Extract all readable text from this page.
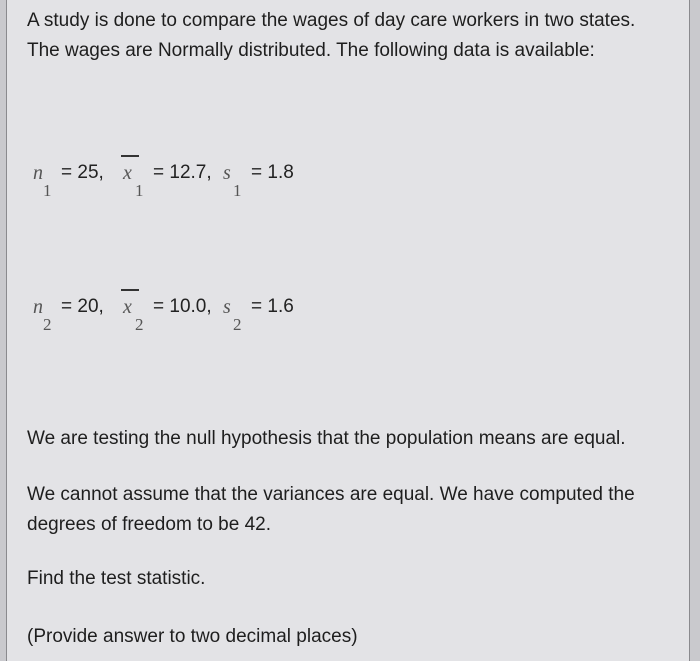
A study is done to compare the wages of day care workers in two states.
The wages are Normally distributed. The following data is available:

n
1
= 25, x
1
= 12.7, s
1
= 1.8
n
2
= 20, x
2
= 10.0, s
2
= 1.6

We are testing the null hypothesis that the population means are equal.

We cannot assume that the variances are equal. We have computed the
degrees of freedom to be 42.

Find the test statistic.

(Provide answer to two decimal places)
